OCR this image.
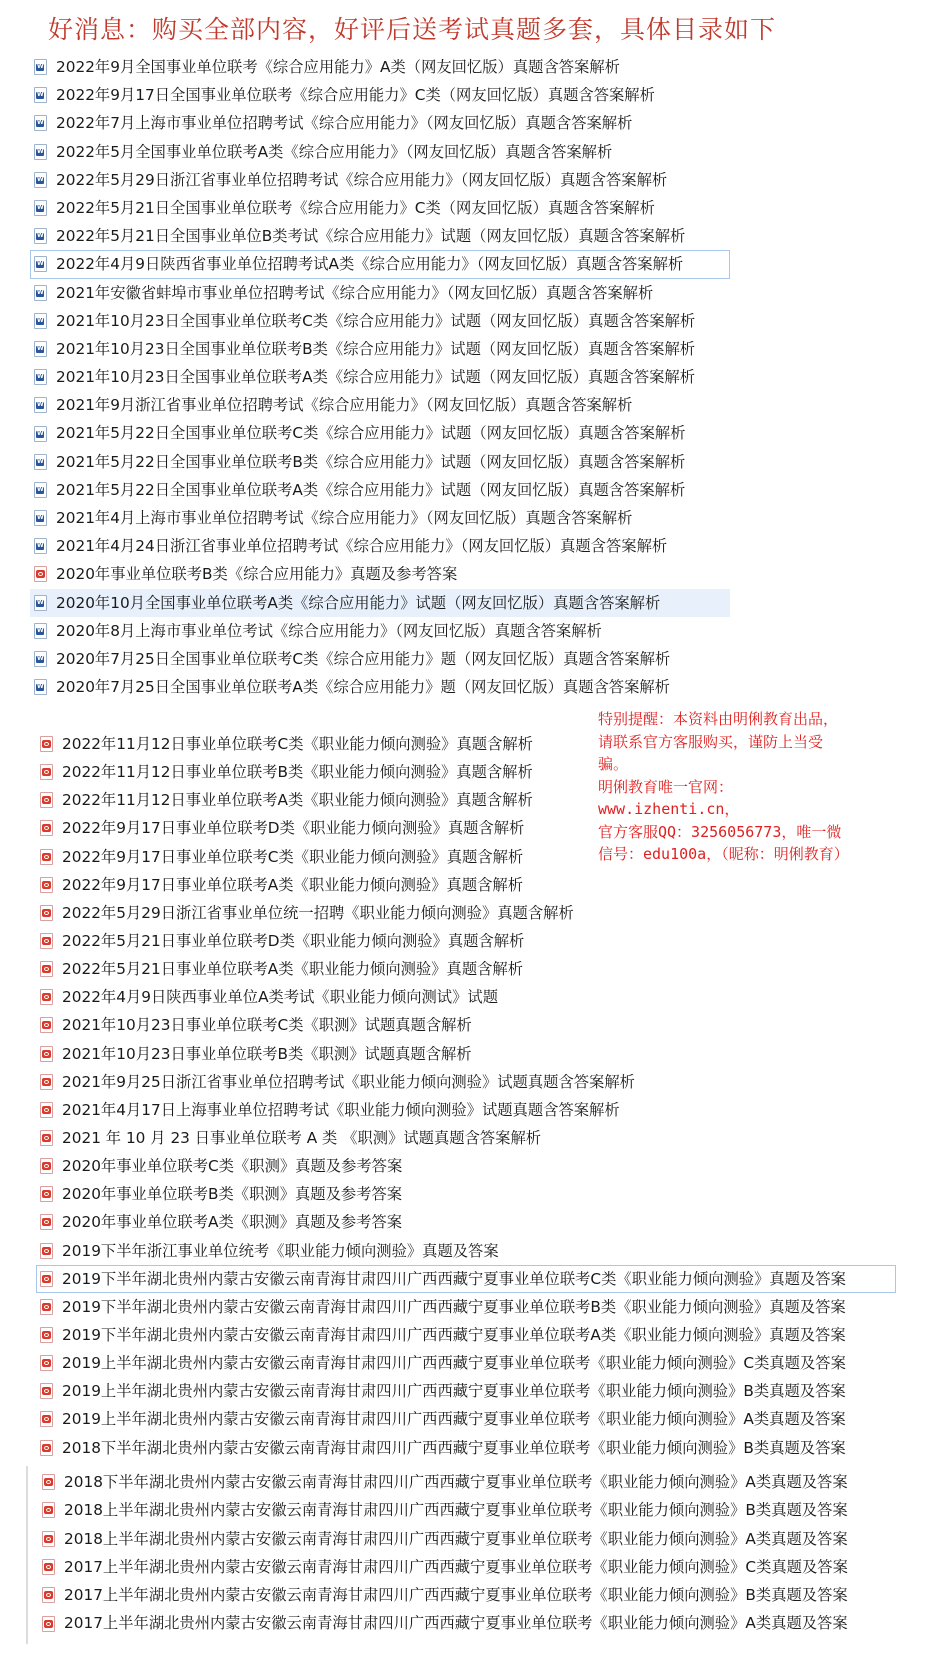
好消息：购买全部内容，好评后送考试真题多套，具体目录如下
W
2022年9月全国事业单位联考《综合应用能力》A类（网友回忆版）真题含答案解析
W
2022年9月17日全国事业单位联考《综合应用能力》C类（网友回忆版）真题含答案解析
W
2022年7月上海市事业单位招聘考试《综合应用能力》（网友回忆版）真题含答案解析
W
2022年5月全国事业单位联考A类《综合应用能力》（网友回忆版）真题含答案解析
W
2022年5月29日浙江省事业单位招聘考试《综合应用能力》（网友回忆版）真题含答案解析
W
2022年5月21日全国事业单位联考《综合应用能力》C类（网友回忆版）真题含答案解析
W
2022年5月21日全国事业单位B类考试《综合应用能力》试题（网友回忆版）真题含答案解析
W
2022年4月9日陕西省事业单位招聘考试A类《综合应用能力》（网友回忆版）真题含答案解析
W
2021年安徽省蚌埠市事业单位招聘考试《综合应用能力》（网友回忆版）真题含答案解析
W
2021年10月23日全国事业单位联考C类《综合应用能力》试题（网友回忆版）真题含答案解析
W
2021年10月23日全国事业单位联考B类《综合应用能力》试题（网友回忆版）真题含答案解析
W
2021年10月23日全国事业单位联考A类《综合应用能力》试题（网友回忆版）真题含答案解析
W
2021年9月浙江省事业单位招聘考试《综合应用能力》（网友回忆版）真题含答案解析
W
2021年5月22日全国事业单位联考C类《综合应用能力》试题（网友回忆版）真题含答案解析
W
2021年5月22日全国事业单位联考B类《综合应用能力》试题（网友回忆版）真题含答案解析
W
2021年5月22日全国事业单位联考A类《综合应用能力》试题（网友回忆版）真题含答案解析
W
2021年4月上海市事业单位招聘考试《综合应用能力》（网友回忆版）真题含答案解析
W
2021年4月24日浙江省事业单位招聘考试《综合应用能力》（网友回忆版）真题含答案解析
2020年事业单位联考B类《综合应用能力》真题及参考答案
W
2020年10月全国事业单位联考A类《综合应用能力》试题（网友回忆版）真题含答案解析
W
2020年8月上海市事业单位考试《综合应用能力》（网友回忆版）真题含答案解析
W
2020年7月25日全国事业单位联考C类《综合应用能力》题（网友回忆版）真题含答案解析
W
2020年7月25日全国事业单位联考A类《综合应用能力》题（网友回忆版）真题含答案解析
2022年11月12日事业单位联考C类《职业能力倾向测验》真题含解析
2022年11月12日事业单位联考B类《职业能力倾向测验》真题含解析
2022年11月12日事业单位联考A类《职业能力倾向测验》真题含解析
2022年9月17日事业单位联考D类《职业能力倾向测验》真题含解析
2022年9月17日事业单位联考C类《职业能力倾向测验》真题含解析
2022年9月17日事业单位联考A类《职业能力倾向测验》真题含解析
2022年5月29日浙江省事业单位统一招聘《职业能力倾向测验》真题含解析
2022年5月21日事业单位联考D类《职业能力倾向测验》真题含解析
2022年5月21日事业单位联考A类《职业能力倾向测验》真题含解析
2022年4月9日陕西事业单位A类考试《职业能力倾向测试》试题
2021年10月23日事业单位联考C类《职测》试题真题含解析
2021年10月23日事业单位联考B类《职测》试题真题含解析
2021年9月25日浙江省事业单位招聘考试《职业能力倾向测验》试题真题含答案解析
2021年4月17日上海事业单位招聘考试《职业能力倾向测验》试题真题含答案解析
2021 年 10 月 23 日事业单位联考 A 类 《职测》试题真题含答案解析
2020年事业单位联考C类《职测》真题及参考答案
2020年事业单位联考B类《职测》真题及参考答案
2020年事业单位联考A类《职测》真题及参考答案
2019下半年浙江事业单位统考《职业能力倾向测验》真题及答案
2019下半年湖北贵州内蒙古安徽云南青海甘肃四川广西西藏宁夏事业单位联考C类《职业能力倾向测验》真题及答案
2019下半年湖北贵州内蒙古安徽云南青海甘肃四川广西西藏宁夏事业单位联考B类《职业能力倾向测验》真题及答案
2019下半年湖北贵州内蒙古安徽云南青海甘肃四川广西西藏宁夏事业单位联考A类《职业能力倾向测验》真题及答案
2019上半年湖北贵州内蒙古安徽云南青海甘肃四川广西西藏宁夏事业单位联考《职业能力倾向测验》C类真题及答案
2019上半年湖北贵州内蒙古安徽云南青海甘肃四川广西西藏宁夏事业单位联考《职业能力倾向测验》B类真题及答案
2019上半年湖北贵州内蒙古安徽云南青海甘肃四川广西西藏宁夏事业单位联考《职业能力倾向测验》A类真题及答案
2018下半年湖北贵州内蒙古安徽云南青海甘肃四川广西西藏宁夏事业单位联考《职业能力倾向测验》B类真题及答案
2018下半年湖北贵州内蒙古安徽云南青海甘肃四川广西西藏宁夏事业单位联考《职业能力倾向测验》A类真题及答案
2018上半年湖北贵州内蒙古安徽云南青海甘肃四川广西西藏宁夏事业单位联考《职业能力倾向测验》B类真题及答案
2018上半年湖北贵州内蒙古安徽云南青海甘肃四川广西西藏宁夏事业单位联考《职业能力倾向测验》A类真题及答案
2017上半年湖北贵州内蒙古安徽云南青海甘肃四川广西西藏宁夏事业单位联考《职业能力倾向测验》C类真题及答案
2017上半年湖北贵州内蒙古安徽云南青海甘肃四川广西西藏宁夏事业单位联考《职业能力倾向测验》B类真题及答案
2017上半年湖北贵州内蒙古安徽云南青海甘肃四川广西西藏宁夏事业单位联考《职业能力倾向测验》A类真题及答案

特别提醒：本资料由明俐教育出品，请联系官方客服购买，谨防上当受骗。

明俐教育唯一官网：

www.izhenti.cn，

官方客服QQ：3256056773，唯一微信号：edu100a，（昵称：明俐教育）
